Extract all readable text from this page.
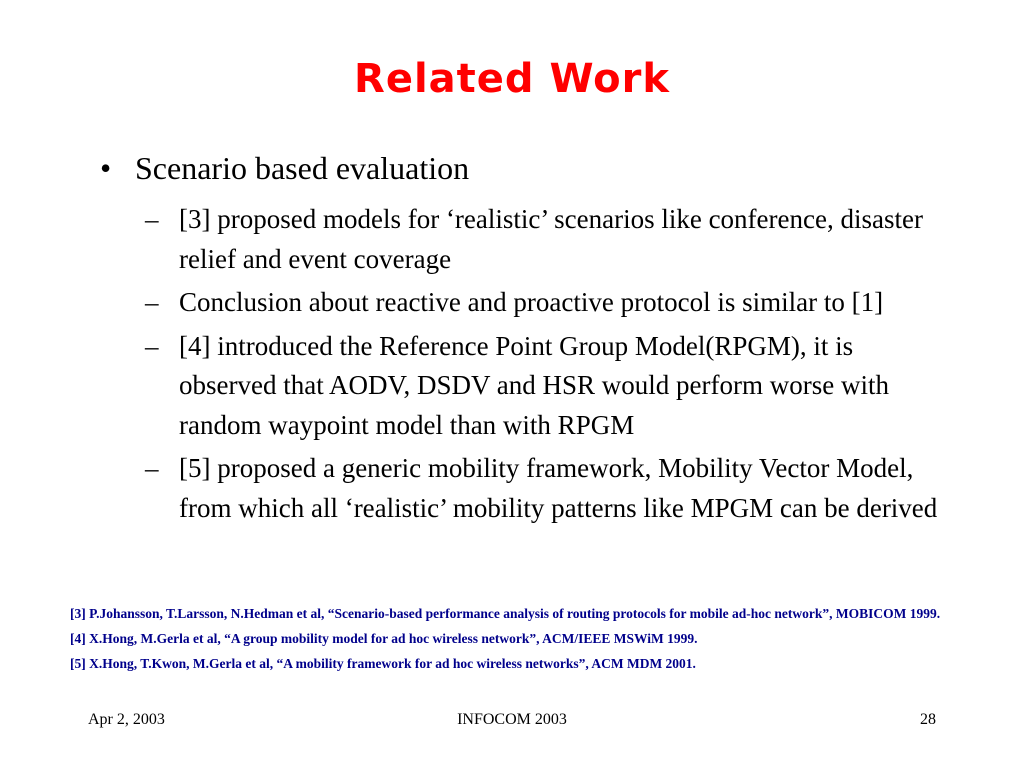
Related Work
• Scenario based evaluation
– [3] proposed models for ‘realistic’ scenarios like conference, disaster relief and event coverage
– Conclusion about reactive and proactive protocol is similar to [1]
– [4] introduced the Reference Point Group Model(RPGM), it is observed that AODV, DSDV and HSR would perform worse with random waypoint model than with RPGM
– [5] proposed a generic mobility framework, Mobility Vector Model, from which all ‘realistic’ mobility patterns like MPGM can be derived
[3] P.Johansson, T.Larsson, N.Hedman et al, “Scenario-based performance analysis of routing protocols for mobile ad-hoc network”, MOBICOM 1999.
[4] X.Hong, M.Gerla et al, “A group mobility model for ad hoc wireless network”, ACM/IEEE MSWiM 1999.
[5] X.Hong, T.Kwon, M.Gerla et al, “A mobility framework for ad hoc wireless networks”, ACM MDM 2001.
Apr 2, 2003	INFOCOM 2003	28
